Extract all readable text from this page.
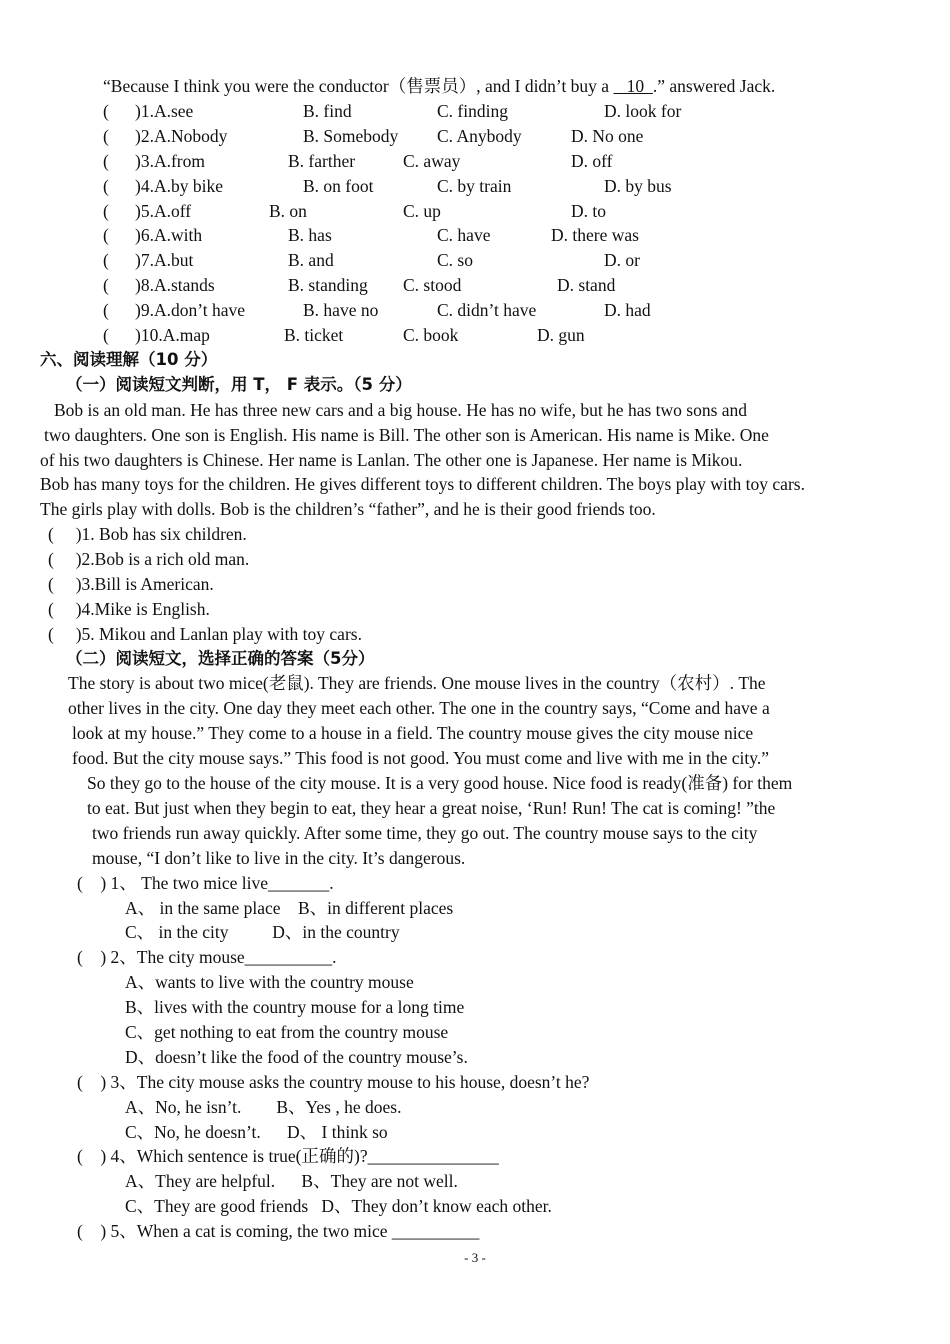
“Because I think you were the conductor（售票员）, and I didn’t buy a    10  .” answered Jack.
( )1.A.see	B. find	C. finding	D. look for
( )2.A.Nobody	B. Somebody C. Anybody	D. No one
( )3.A.from	B. farther	C. away	D. off
( )4.A.by bike	B. on foot	C. by train	D. by bus
( )5.A.off	B. on	C. up	D. to
( )6.A.with	B. has	C. have	D. there was
( )7.A.but	B. and	C. so	D. or
( )8.A.stands	B. standing C. stood	D. stand
( )9.A.don’t have	B. have no	C. didn’t have	D. had
( )10.A.map	B. ticket	C. book	D. gun
六、阅读理解（10 分）
（一）阅读短文判断，用 T， F 表示。（5 分）
Bob is an old man. He has three new cars and a big house. He has no wife, but he has two sons and
two daughters. One son is English. His name is Bill. The other son is American. His name is Mike. One
of his two daughters is Chinese. Her name is Lanlan. The other one is Japanese. Her name is Mikou.
Bob has many toys for the children. He gives different toys to different children. The boys play with toy cars.
The girls play with dolls. Bob is the children’s “father”, and he is their good friends too.
(     )1. Bob has six children.
(     )2.Bob is a rich old man.
(     )3.Bill is American.
(     )4.Mike is English.
(     )5. Mikou and Lanlan play with toy cars.
（二）阅读短文，选择正确的答案（5分）
The story is about two mice(老鼠). They are friends. One mouse lives in the country（农村）. The
other lives in the city. One day they meet each other. The one in the country says, “Come and have a
look at my house.” They come to a house in a field. The country mouse gives the city mouse nice
food. But the city mouse says.” This food is not good. You must come and live with me in the city.”
So they go to the house of the city mouse. It is a very good house. Nice food is ready(准备) for them
to eat. But just when they begin to eat, they hear a great noise, ‘Run! Run! The cat is coming! ”the
two friends run away quickly. After some time, they go out. The country mouse says to the city
mouse, “I don’t like to live in the city. It’s dangerous.
(    ) 1、 The two mice live_______.
A、 in the same place    B、in different places
C、 in the city          D、in the country
(    ) 2、The city mouse__________.
A、wants to live with the country mouse
B、lives with the country mouse for a long time
C、get nothing to eat from the country mouse
D、doesn’t like the food of the country mouse’s.
(    ) 3、The city mouse asks the country mouse to his house, doesn’t he?
A、No, he isn’t.        B、Yes , he does.
C、No, he doesn’t.      D、 I think so
(    ) 4、Which sentence is true(正确的)?_______________
A、They are helpful.      B、They are not well.
C、They are good friends   D、They don’t know each other.
(    ) 5、When a cat is coming, the two mice __________
- 3 -
